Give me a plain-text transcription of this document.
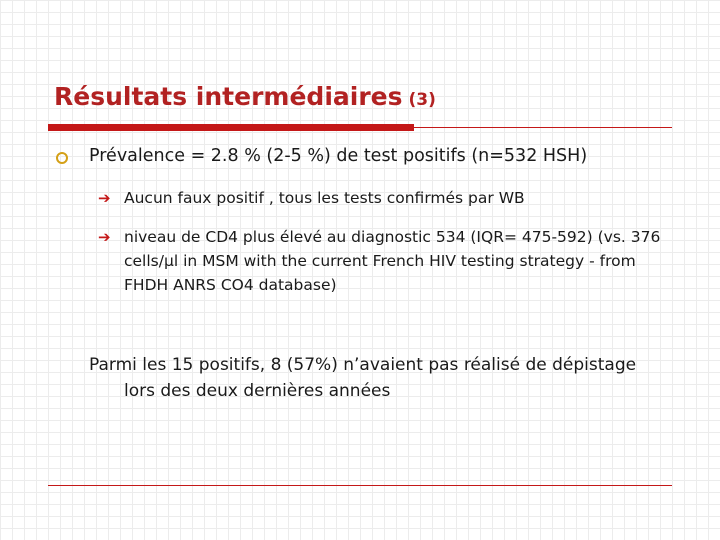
Résultats intermédiaires (3)
Prévalence = 2.8 % (2-5 %) de test positifs (n=532 HSH)
➔ Aucun faux positif , tous les tests confirmés par WB
➔ niveau de CD4 plus élevé au diagnostic 534 (IQR= 475-592) (vs. 376 cells/µl in MSM with the current French HIV testing strategy - from FHDH ANRS CO4 database)
Parmi les 15 positifs, 8 (57%) n’avaient pas réalisé de dépistage
lors des deux dernières années
